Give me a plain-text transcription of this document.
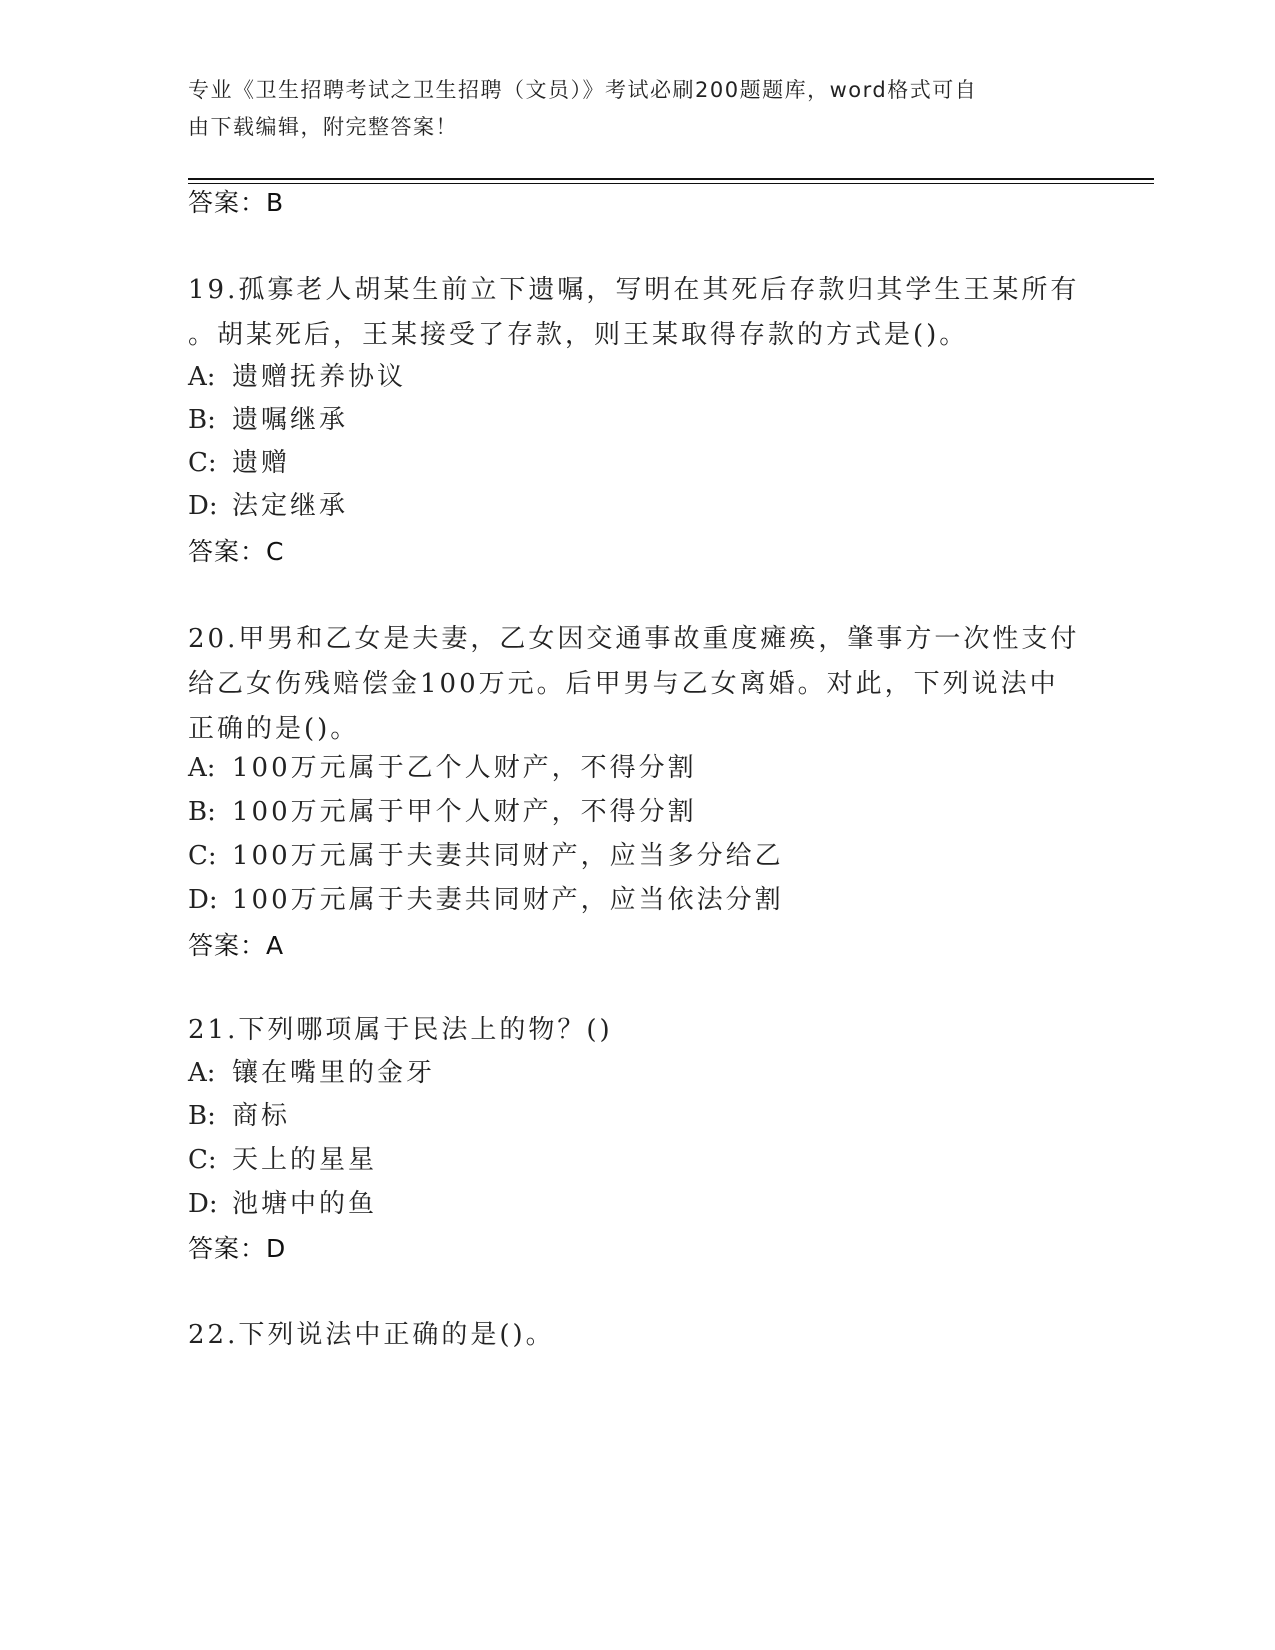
专业《卫生招聘考试之卫生招聘（文员）》考试必刷200题题库，word格式可自
由下载编辑，附完整答案！
答案：B
19.孤寡老人胡某生前立下遗嘱，写明在其死后存款归其学生王某所有
。胡某死后，王某接受了存款，则王某取得存款的方式是()。
A: 遗赠抚养协议
B: 遗嘱继承
C: 遗赠
D: 法定继承
答案：C
20.甲男和乙女是夫妻，乙女因交通事故重度瘫痪，肇事方一次性支付
给乙女伤残赔偿金100万元。后甲男与乙女离婚。对此，下列说法中
正确的是()。
A: 100万元属于乙个人财产，不得分割
B: 100万元属于甲个人财产，不得分割
C: 100万元属于夫妻共同财产，应当多分给乙
D: 100万元属于夫妻共同财产，应当依法分割
答案：A
21.下列哪项属于民法上的物？()
A: 镶在嘴里的金牙
B: 商标
C: 天上的星星
D: 池塘中的鱼
答案：D
22.下列说法中正确的是()。
